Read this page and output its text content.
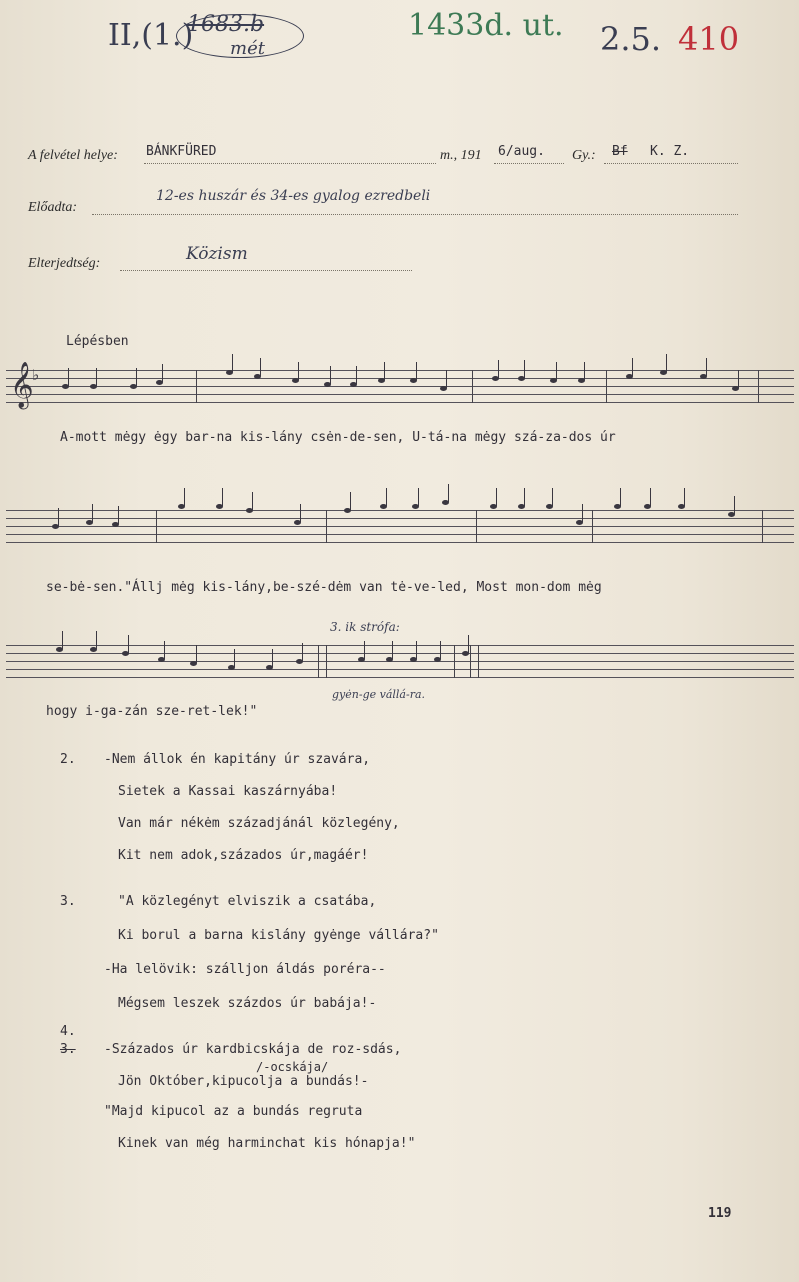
II,(1.)
1683.b
mét
1433d. ut. 2.5. 410
A felvétel helye: BÁNKFÜRED	m., 191 6/aug. Gy.: Bf K. Z.
Előadta:
12-es huszár és 34-es gyalog ezredbeli
Elterjedtség:	Közism
Lépésben
𝄞
♭
A-mott mėgy ėgy bar-na kis-lány csėn-de-sen, U-tá-na mėgy szá-za-dos úr
se-bė-sen."Állj mėg kis-lány,be-szé-dėm van tė-ve-led, Most mon-dom mėg
3. ik strófa:
hogy i-ga-zán sze-ret-lek!"
gyėn-ge vállá-ra.
2. -Nem állok én kapitány úr szavára,
Sietek a Kassai kaszárnyába!
Van már nékėm századjánál közlegény,
Kit nem adok,százados úr,magáér!
3.	"A közlegényt elviszik a csatába,
Ki borul a barna kislány gyėnge vállára?"
-Ha lelövik: szálljon áldás poréra--
Mégsem leszek százdos úr babája!-
4.
3. -Százados úr kardbicskája de roz-sdás,
/-ocskája/
Jön Október,kipucolja a bundás!-
"Majd kipucol az a bundás regruta
Kinek van még harminchat kis hónapja!"
119
